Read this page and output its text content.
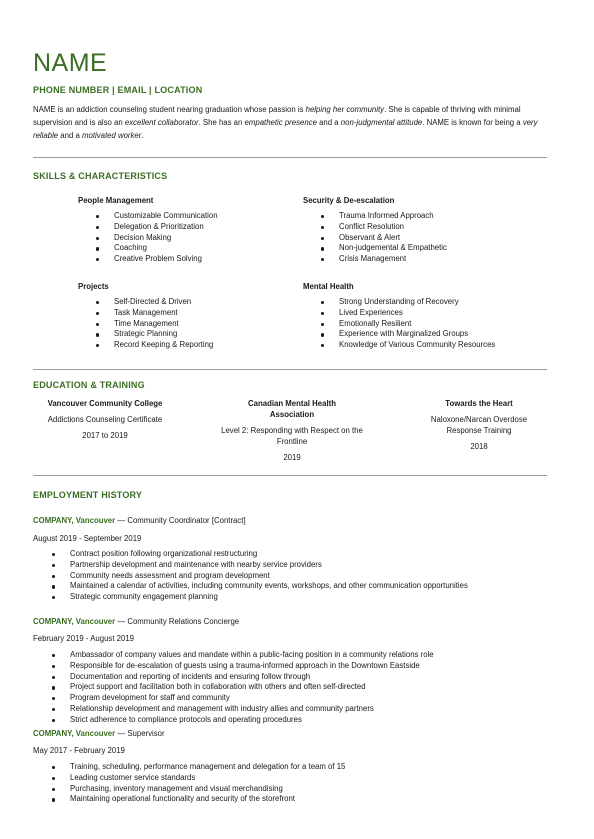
NAME
PHONE NUMBER | EMAIL | LOCATION
NAME is an addiction counseling student nearing graduation whose passion is helping her community. She is capable of thriving with minimal supervision and is also an excellent collaborator. She has an empathetic presence and a non-judgmental attitude. NAME is known for being a very reliable and a motivated worker.
SKILLS & CHARACTERISTICS
People Management
Customizable Communication
Delegation & Prioritization
Decision Making
Coaching
Creative Problem Solving
Security & De-escalation
Trauma Informed Approach
Conflict Resolution
Observant & Alert
Non-judgemental & Empathetic
Crisis Management
Projects
Self-Directed & Driven
Task Management
Time Management
Strategic Planning
Record Keeping & Reporting
Mental Health
Strong Understanding of Recovery
Lived Experiences
Emotionally Resilient
Experience with Marginalized Groups
Knowledge of Various Community Resources
EDUCATION & TRAINING
Vancouver Community College
Addictions Counseling Certificate
2017 to 2019
Canadian Mental Health Association
Level 2: Responding with Respect on the Frontline
2019
Towards the Heart
Naloxone/Narcan Overdose Response Training
2018
EMPLOYMENT HISTORY
COMPANY, Vancouver — Community Coordinator [Contract]
August 2019 - September 2019
Contract position following organizational restructuring
Partnership development and maintenance with nearby service providers
Community needs assessment and program development
Maintained a calendar of activities, including community events, workshops, and other communication opportunities
Strategic community engagement planning
COMPANY, Vancouver — Community Relations Concierge
February 2019 - August 2019
Ambassador of company values and mandate within a public-facing position in a community relations role
Responsible for de-escalation of guests using a trauma-informed approach in the Downtown Eastside
Documentation and reporting of incidents and ensuring follow through
Project support and facilitation both in collaboration with others and often self-directed
Program development for staff and community
Relationship development and management with industry allies and community partners
Strict adherence to compliance protocols and operating procedures
COMPANY, Vancouver — Supervisor
May 2017 - February 2019
Training, scheduling, performance management and delegation for a team of 15
Leading customer service standards
Purchasing, inventory management and visual merchandising
Maintaining operational functionality and security of the storefront
